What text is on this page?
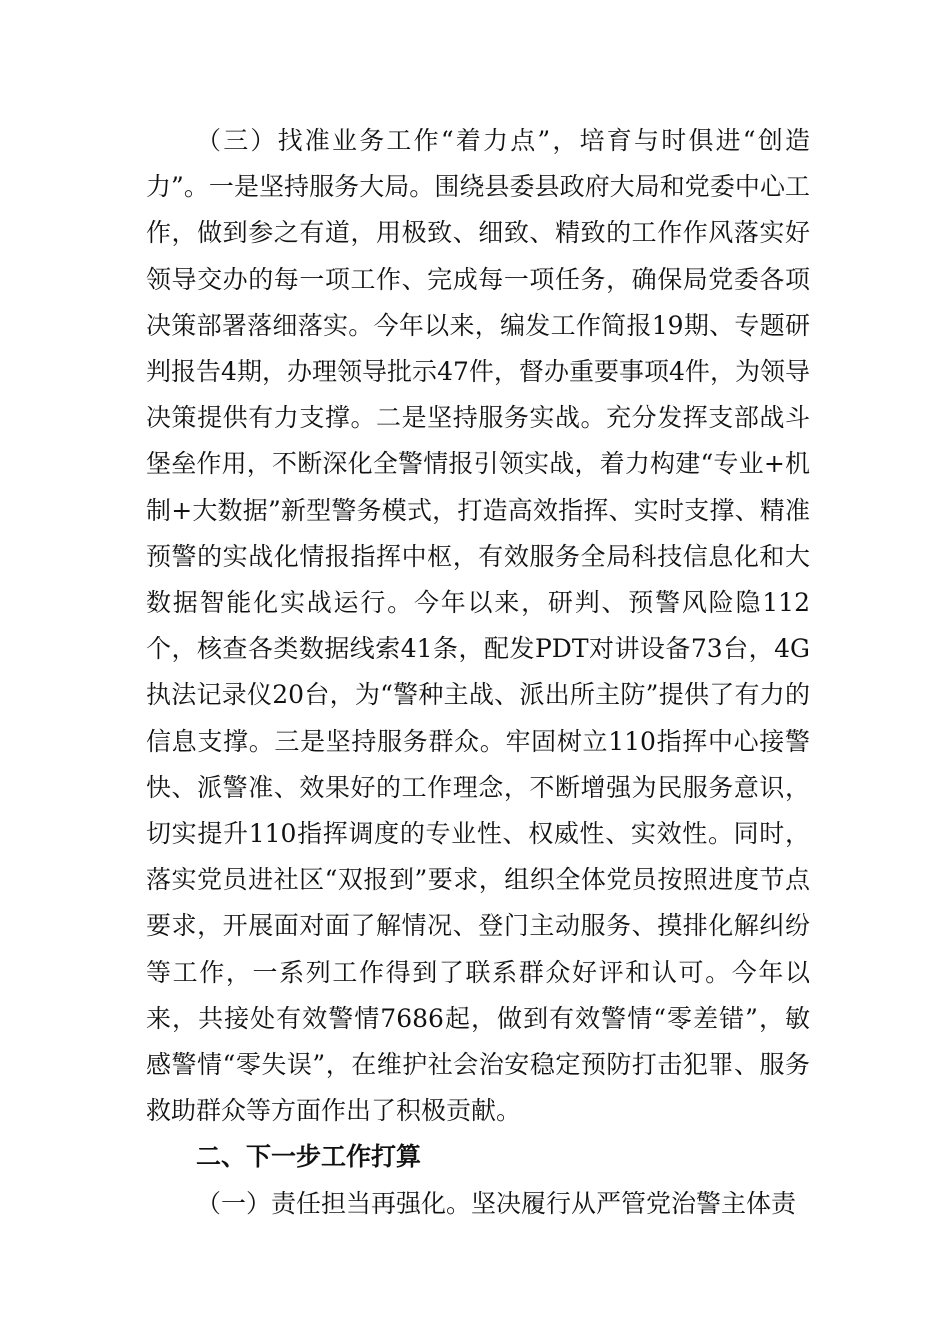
（三）找准业务工作“着力点”，培育与时俱进“创造力”。一是坚持服务大局。围绕县委县政府大局和党委中心工作，做到参之有道，用极致、细致、精致的工作作风落实好领导交办的每一项工作、完成每一项任务，确保局党委各项决策部署落细落实。今年以来，编发工作简报19期、专题研判报告4期，办理领导批示47件，督办重要事项4件，为领导决策提供有力支撑。二是坚持服务实战。充分发挥支部战斗堡垒作用，不断深化全警情报引领实战，着力构建“专业+机制+大数据”新型警务模式，打造高效指挥、实时支撑、精准预警的实战化情报指挥中枢，有效服务全局科技信息化和大数据智能化实战运行。今年以来，研判、预警风险隐112个，核查各类数据线索41条，配发PDT对讲设备73台，4G执法记录仪20台，为“警种主战、派出所主防”提供了有力的信息支撑。三是坚持服务群众。牢固树立110指挥中心接警快、派警准、效果好的工作理念，不断增强为民服务意识，切实提升110指挥调度的专业性、权威性、实效性。同时，落实党员进社区“双报到”要求，组织全体党员按照进度节点要求，开展面对面了解情况、登门主动服务、摸排化解纠纷等工作，一系列工作得到了联系群众好评和认可。今年以来，共接处有效警情7686起，做到有效警情“零差错”，敏感警情“零失误”，在维护社会治安稳定预防打击犯罪、服务救助群众等方面作出了积极贡献。

二、下一步工作打算

（一）责任担当再强化。坚决履行从严管党治警主体责
